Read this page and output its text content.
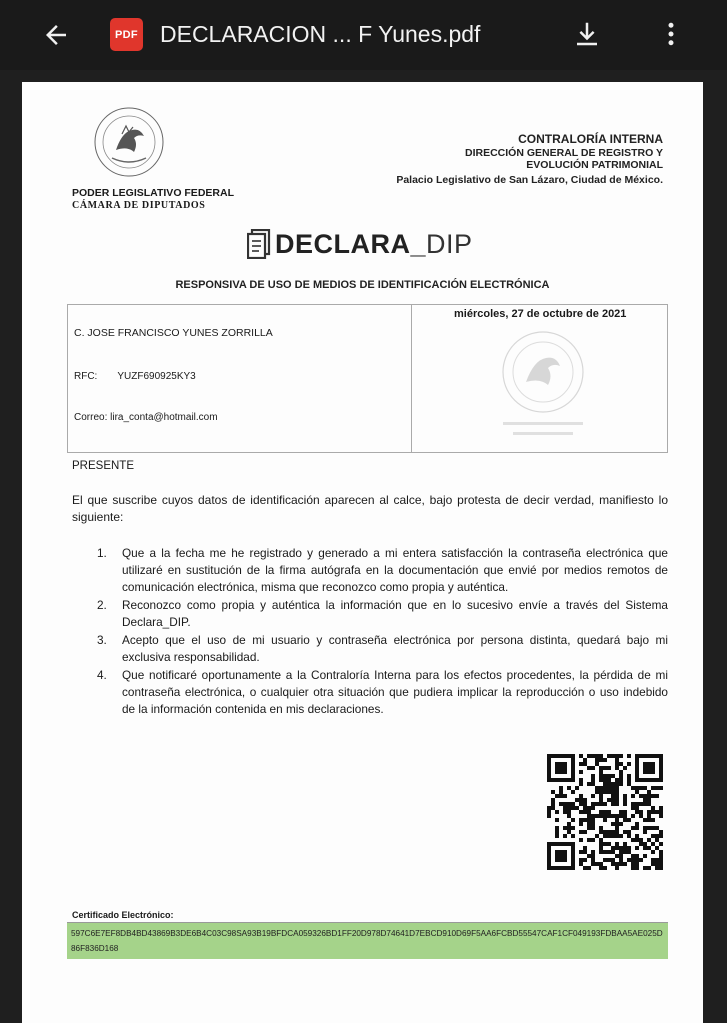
PDF DECLARACION ... F Yunes.pdf
PODER LEGISLATIVO FEDERAL
CÁMARA DE DIPUTADOS
CONTRALORÍA INTERNA
DIRECCIÓN GENERAL DE REGISTRO Y
EVOLUCIÓN PATRIMONIAL
Palacio Legislativo de San Lázaro, Ciudad de México.
DECLARA_DIP
RESPONSIVA DE USO DE MEDIOS DE IDENTIFICACIÓN ELECTRÓNICA
C. JOSE FRANCISCO YUNES ZORRILLA
RFC: YUZF690925KY3
Correo: lira_conta@hotmail.com
miércoles, 27 de octubre de 2021
PRESENTE
El que suscribe cuyos datos de identificación aparecen al calce, bajo protesta de decir verdad, manifiesto lo siguiente:
1.	Que a la fecha me he registrado y generado a mi entera satisfacción la contraseña electrónica que utilizaré en sustitución de la firma autógrafa en la documentación que envié por medios remotos de comunicación electrónica, misma que reconozco como propia y auténtica.
2.	Reconozco como propia y auténtica la información que en lo sucesivo envíe a través del Sistema Declara_DIP.
3.	Acepto que el uso de mi usuario y contraseña electrónica por persona distinta, quedará bajo mi exclusiva responsabilidad.
4.	Que notificaré oportunamente a la Contraloría Interna para los efectos procedentes, la pérdida de mi contraseña electrónica, o cualquier otra situación que pudiera implicar la reproducción o uso indebido de la información contenida en mis declaraciones.
Certificado Electrónico:
597C6E7EF8DB4BD43869B3DE6B4C03C98SA93B19BFDCA059326BD1FF20D978D74641D7EBCD910D69F5AA6FCBD55547CAF1CF049193FDBAA5AE025D86F836D168
